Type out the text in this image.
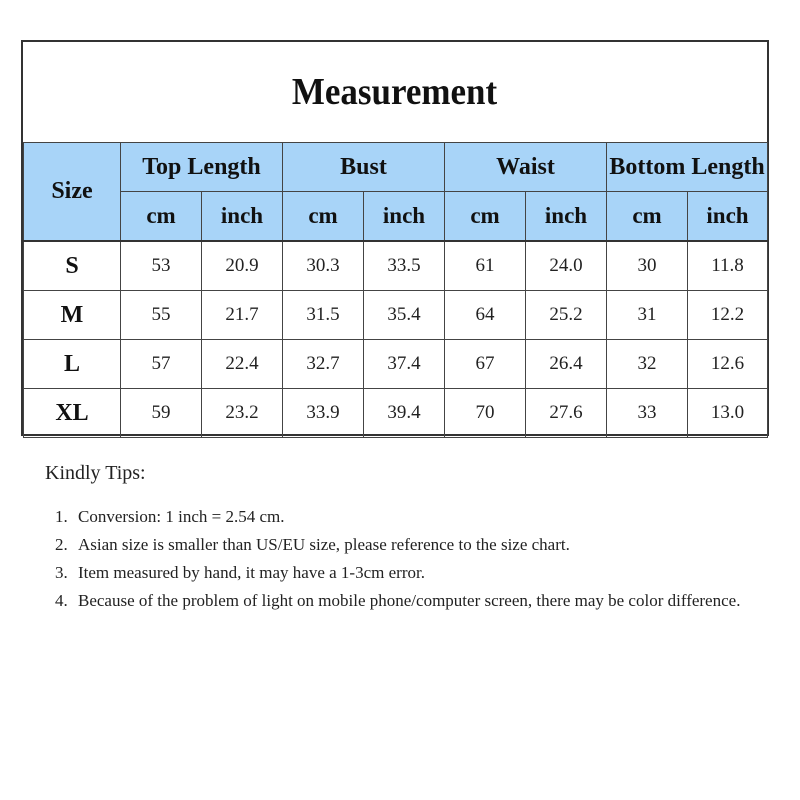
Measurement
Size	Top Length		Bust		Waist		Bottom Length	
	cm	inch	cm	inch	cm	inch	cm	inch
S	53	20.9	30.3	33.5	61	24.0	30	11.8
M	55	21.7	31.5	35.4	64	25.2	31	12.2
L	57	22.4	32.7	37.4	67	26.4	32	12.6
XL	59	23.2	33.9	39.4	70	27.6	33	13.0

Kindly Tips:

1. Conversion: 1 inch = 2.54 cm.
2. Asian size is smaller than US/EU size, please reference to the size chart.
3. Item measured by hand, it may have a 1-3cm error.
4. Because of the problem of light on mobile phone/computer screen, there may be color difference.
